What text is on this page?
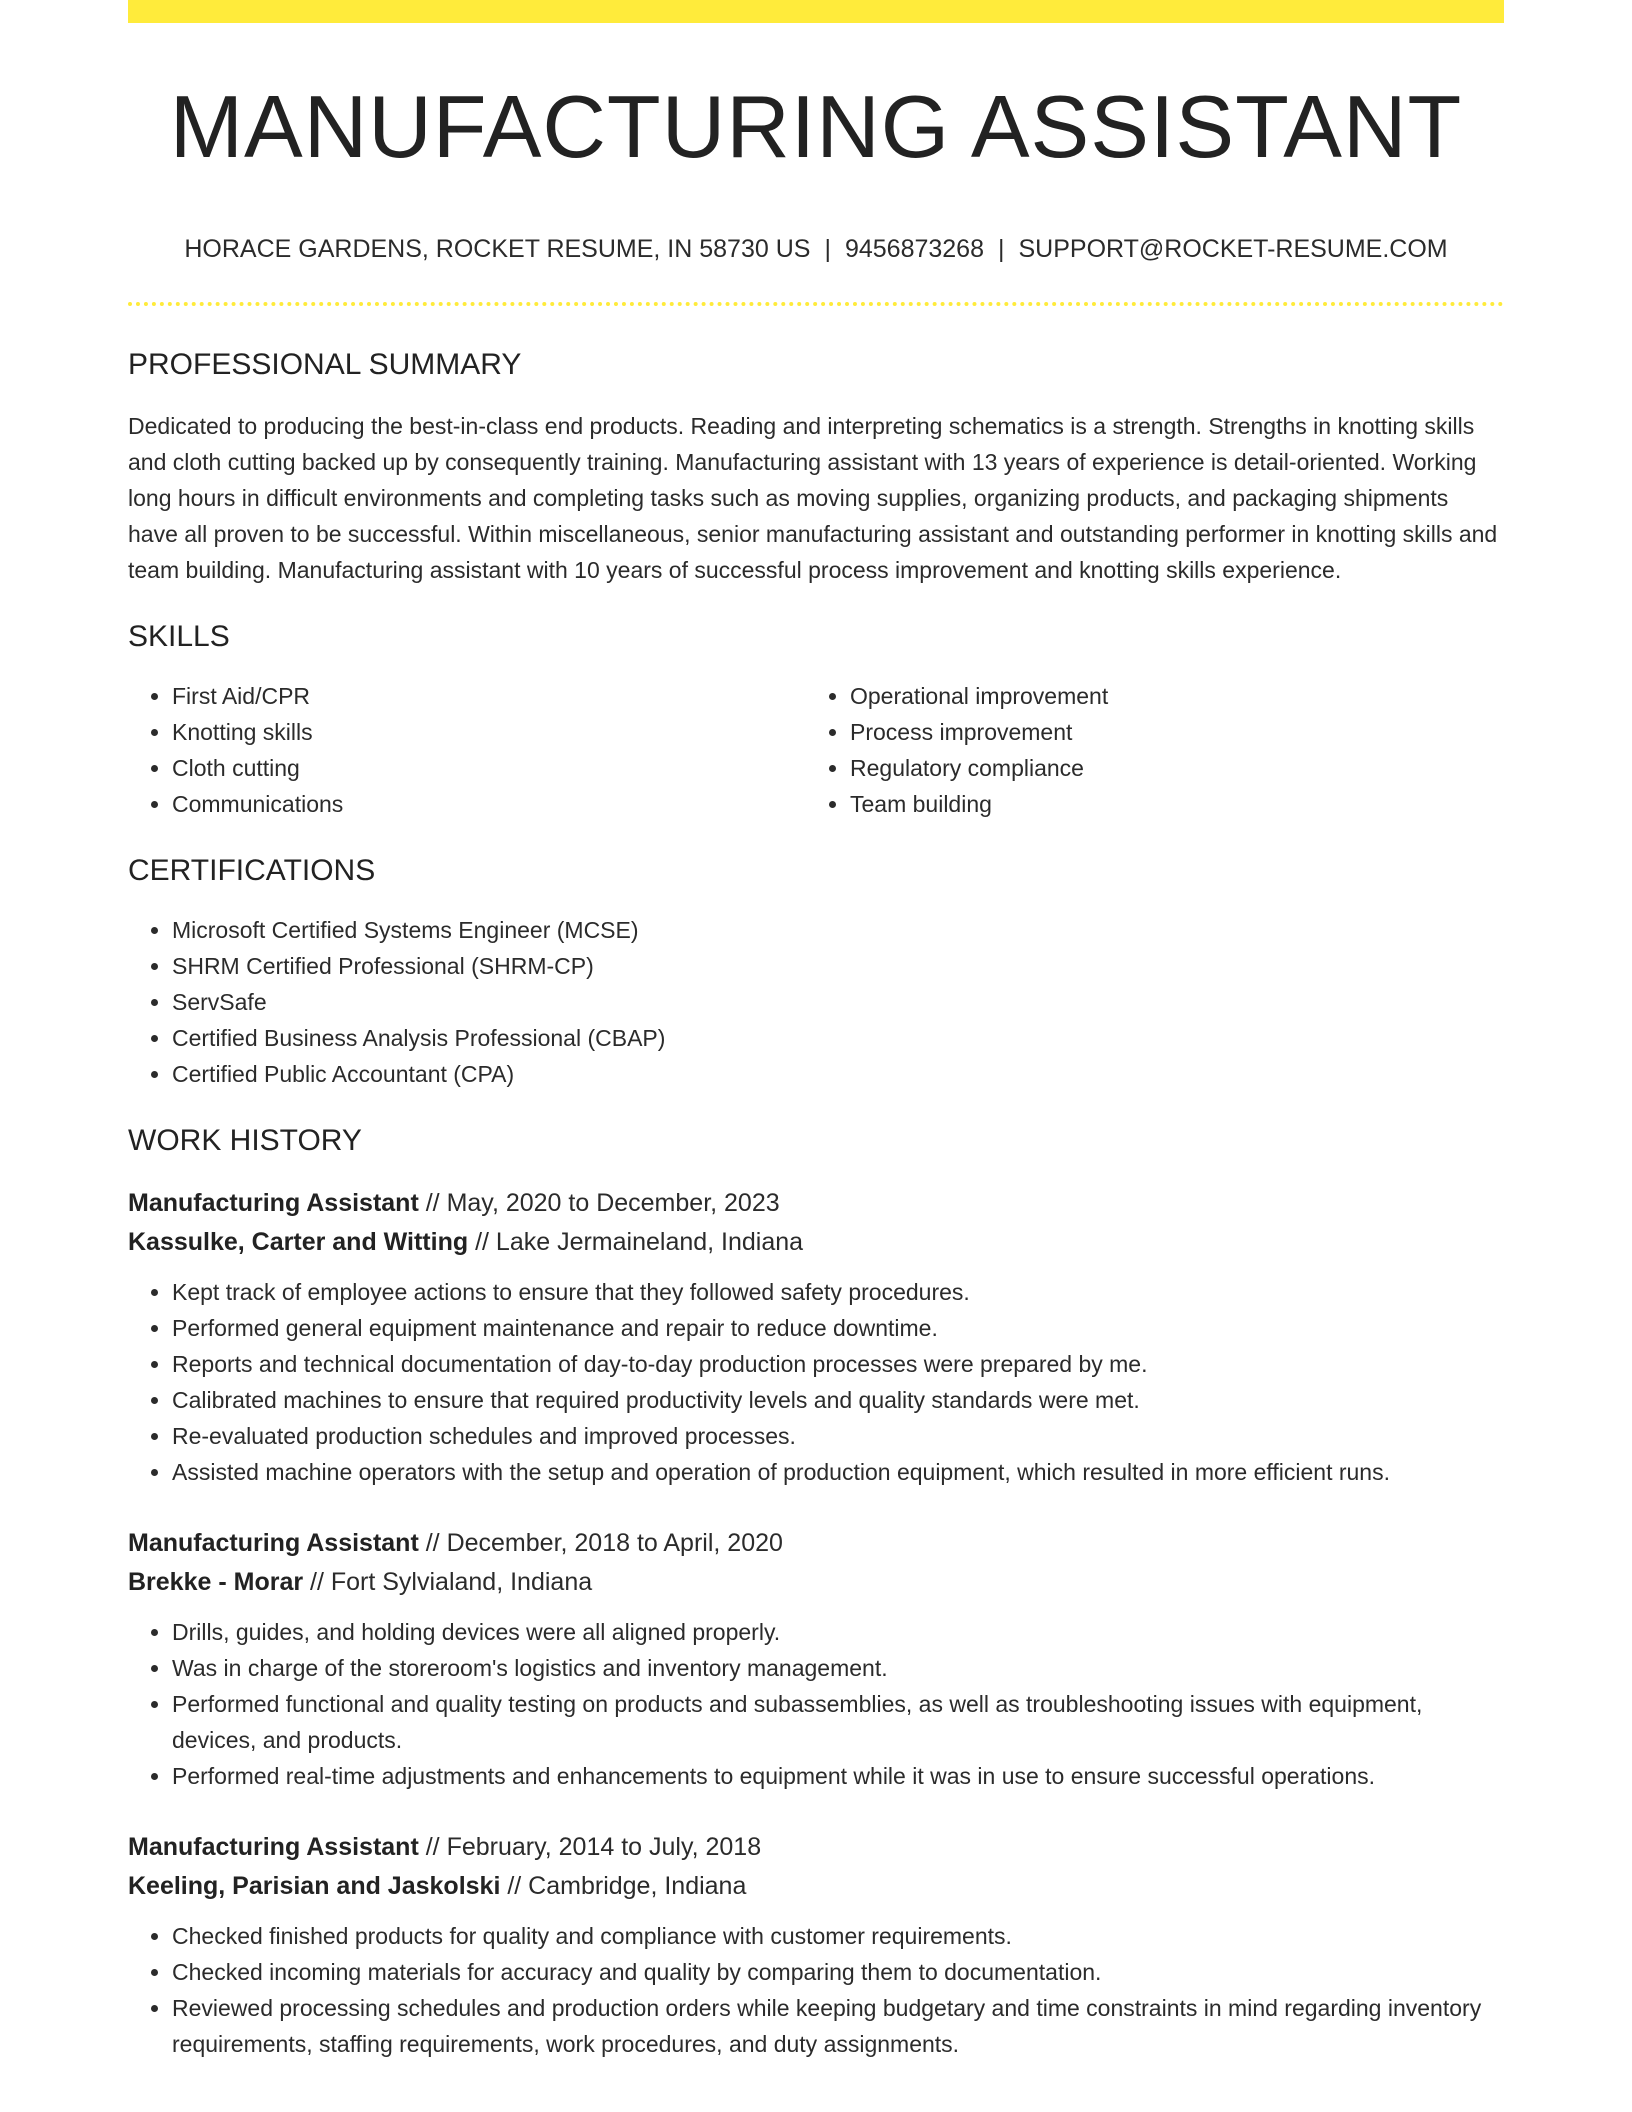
MANUFACTURING ASSISTANT
HORACE GARDENS, ROCKET RESUME, IN 58730 US | 9456873268 | SUPPORT@ROCKET-RESUME.COM
PROFESSIONAL SUMMARY
Dedicated to producing the best-in-class end products. Reading and interpreting schematics is a strength. Strengths in knotting skills and cloth cutting backed up by consequently training. Manufacturing assistant with 13 years of experience is detail-oriented. Working long hours in difficult environments and completing tasks such as moving supplies, organizing products, and packaging shipments have all proven to be successful. Within miscellaneous, senior manufacturing assistant and outstanding performer in knotting skills and team building. Manufacturing assistant with 10 years of successful process improvement and knotting skills experience.
SKILLS
• First Aid/CPR
• Knotting skills
• Cloth cutting
• Communications
• Operational improvement
• Process improvement
• Regulatory compliance
• Team building
CERTIFICATIONS
• Microsoft Certified Systems Engineer (MCSE)
• SHRM Certified Professional (SHRM-CP)
• ServSafe
• Certified Business Analysis Professional (CBAP)
• Certified Public Accountant (CPA)
WORK HISTORY
Manufacturing Assistant // May, 2020 to December, 2023
Kassulke, Carter and Witting // Lake Jermaineland, Indiana
• Kept track of employee actions to ensure that they followed safety procedures.
• Performed general equipment maintenance and repair to reduce downtime.
• Reports and technical documentation of day-to-day production processes were prepared by me.
• Calibrated machines to ensure that required productivity levels and quality standards were met.
• Re-evaluated production schedules and improved processes.
• Assisted machine operators with the setup and operation of production equipment, which resulted in more efficient runs.
Manufacturing Assistant // December, 2018 to April, 2020
Brekke - Morar // Fort Sylvialand, Indiana
• Drills, guides, and holding devices were all aligned properly.
• Was in charge of the storeroom's logistics and inventory management.
• Performed functional and quality testing on products and subassemblies, as well as troubleshooting issues with equipment, devices, and products.
• Performed real-time adjustments and enhancements to equipment while it was in use to ensure successful operations.
Manufacturing Assistant // February, 2014 to July, 2018
Keeling, Parisian and Jaskolski // Cambridge, Indiana
• Checked finished products for quality and compliance with customer requirements.
• Checked incoming materials for accuracy and quality by comparing them to documentation.
• Reviewed processing schedules and production orders while keeping budgetary and time constraints in mind regarding inventory requirements, staffing requirements, work procedures, and duty assignments.
